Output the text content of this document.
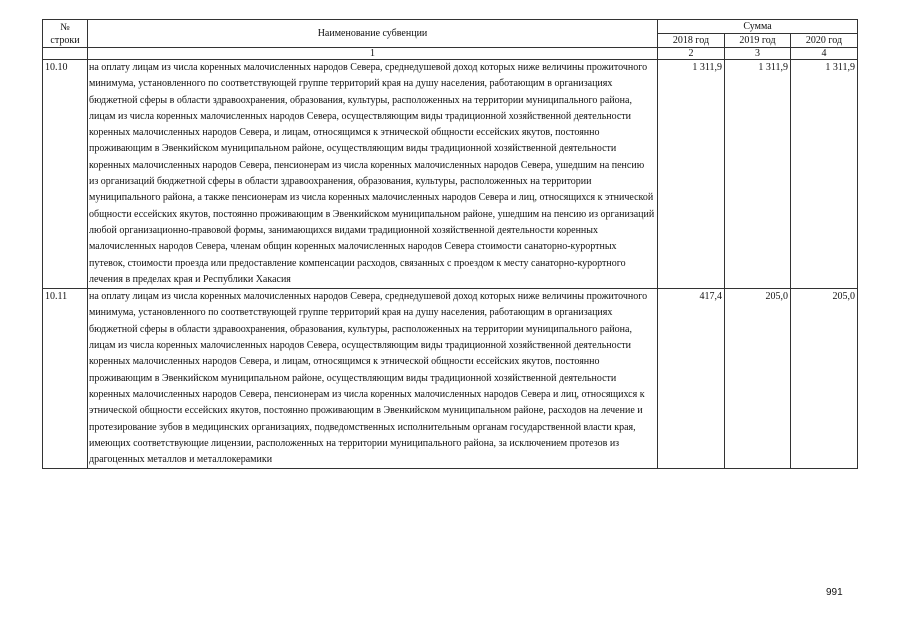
№ строки	Наименование субвенции	Сумма		
		2018 год	2019 год	2020 год
	1	2	3	4
10.10	на оплату лицам из числа коренных малочисленных народов Севера, среднедушевой доход которых ниже величины прожиточного минимума, установленного по соответствующей группе территорий края на душу населения, работающим в организациях бюджетной сферы в области здравоохранения, образования, культуры, расположенных на территории муниципального района, лицам из числа коренных малочисленных народов Севера, осуществляющим виды традиционной хозяйственной деятельности коренных малочисленных народов Севера, и лицам, относящимся к этнической общности ессейских якутов, постоянно проживающим в Эвенкийском муниципальном районе, осуществляющим виды традиционной хозяйственной деятельности коренных малочисленных народов Севера, пенсионерам из числа коренных малочисленных народов Севера, ушедшим на пенсию из организаций бюджетной сферы в области здравоохранения, образования, культуры, расположенных на территории муниципального района, а также пенсионерам из числа коренных малочисленных народов Севера и лиц, относящихся к этнической общности ессейских якутов, постоянно проживающим в Эвенкийском муниципальном районе, ушедшим на пенсию из организаций любой организационно-правовой формы, занимающихся видами традиционной хозяйственной деятельности коренных малочисленных народов Севера, членам общин коренных малочисленных народов Севера стоимости санаторно-курортных путевок, стоимости проезда или предоставление компенсации расходов, связанных с проездом к месту санаторно-курортного лечения в пределах края и Республики Хакасия	1 311,9	1 311,9	1 311,9
10.11	на оплату лицам из числа коренных малочисленных народов Севера, среднедушевой доход которых ниже величины прожиточного минимума, установленного по соответствующей группе территорий края на душу населения, работающим в организациях бюджетной сферы в области здравоохранения, образования, культуры, расположенных на территории муниципального района, лицам из числа коренных малочисленных народов Севера, осуществляющим виды традиционной хозяйственной деятельности коренных малочисленных народов Севера, и лицам, относящимся к этнической общности ессейских якутов, постоянно проживающим в Эвенкийском муниципальном районе, осуществляющим виды традиционной хозяйственной деятельности коренных малочисленных народов Севера, пенсионерам из числа коренных малочисленных народов Севера и лиц, относящихся к этнической общности ессейских якутов, постоянно проживающим в Эвенкийском муниципальном районе, расходов на лечение и протезирование зубов в медицинских организациях, подведомственных исполнительным органам государственной власти края, имеющих соответствующие лицензии, расположенных на территории муниципального района, за исключением протезов из драгоценных металлов и металлокерамики	417,4	205,0	205,0
991
